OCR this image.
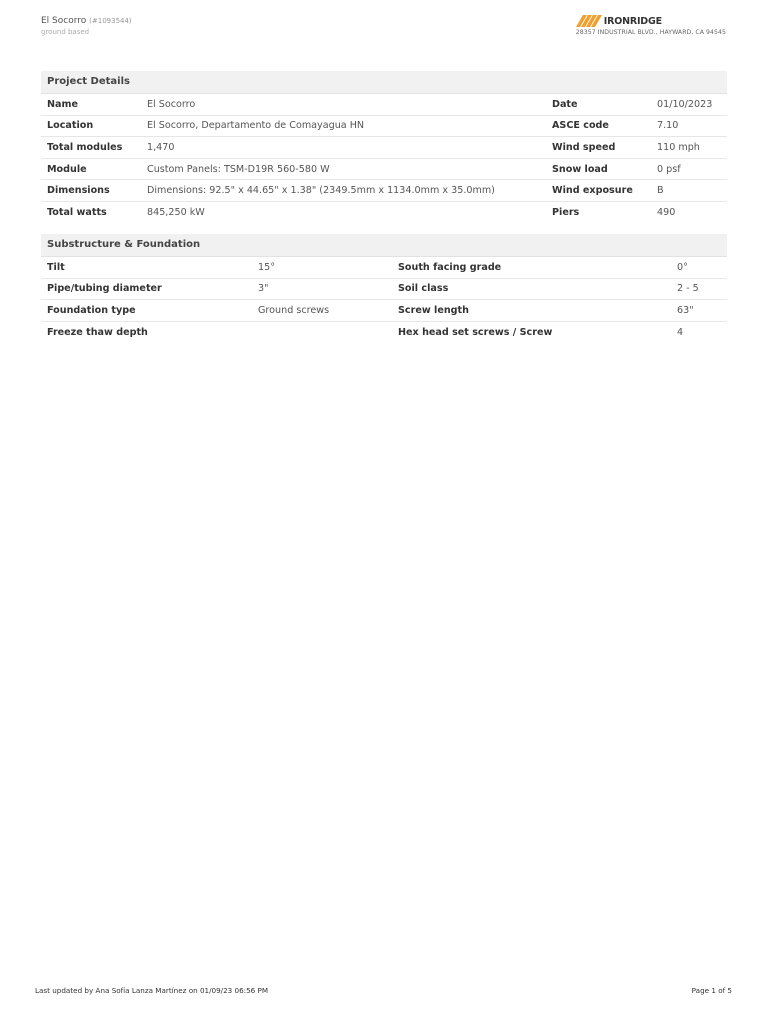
El Socorro (#1093544)
ground based
IRONRIDGE
28357 INDUSTRIAL BLVD., HAYWARD, CA 94545
Project Details
Name	El Socorro	Date	01/10/2023
Location	El Socorro, Departamento de Comayagua HN	ASCE code	7.10
Total modules	1,470	Wind speed	110 mph
Module	Custom Panels: TSM-D19R 560-580 W	Snow load	0 psf
Dimensions	Dimensions: 92.5" x 44.65" x 1.38" (2349.5mm x 1134.0mm x 35.0mm)	Wind exposure	B
Total watts	845,250 kW	Piers	490
Substructure & Foundation
Tilt	15°	South facing grade	0°
Pipe/tubing diameter	3"	Soil class	2 - 5
Foundation type	Ground screws	Screw length	63"
Freeze thaw depth		Hex head set screws / Screw	4
Last updated by Ana Sofía Lanza Martínez on 01/09/23 06:56 PM	Page 1 of 5
